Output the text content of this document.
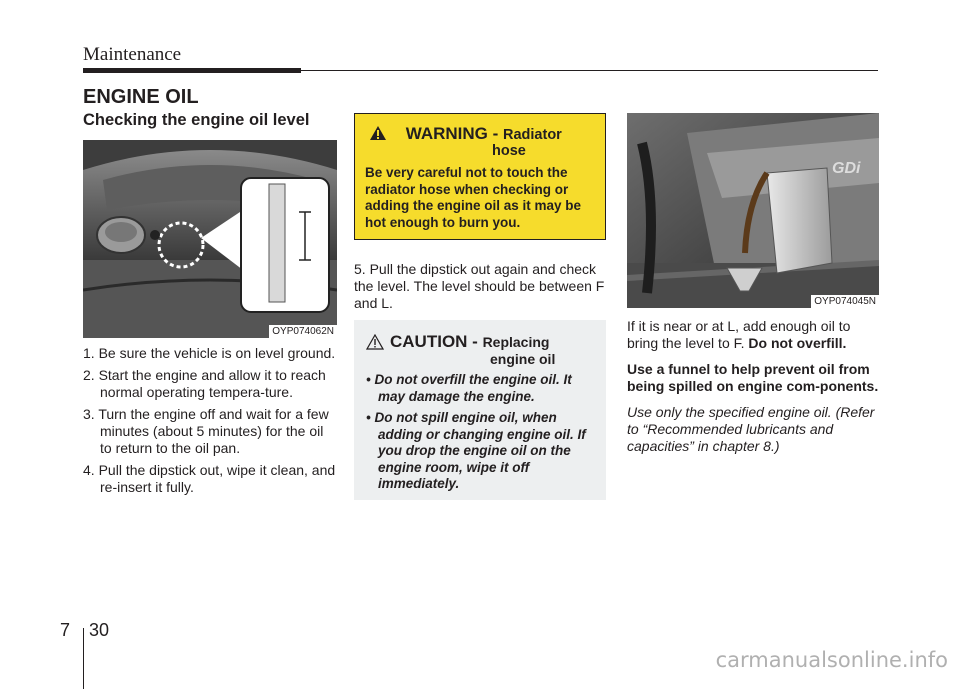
Maintenance
ENGINE OIL
Checking the engine oil level
OYP074062N
1. Be sure the vehicle is on level ground.
2. Start the engine and allow it to reach normal operating tempera-ture.
3. Turn the engine off and wait for a few minutes (about 5 minutes) for the oil to return to the oil pan.
4. Pull the dipstick out, wipe it clean, and re-insert it fully.
WARNING - Radiator
hose
Be very careful not to touch the radiator hose when checking or adding the engine oil as it may be hot enough to burn you.
5. Pull the dipstick out again and check the level. The level should be between F and L.
CAUTION - Replacing
engine oil
• Do not overfill the engine oil. It may damage the engine.
• Do not spill engine oil, when adding or changing engine oil. If you drop the engine oil on the engine room, wipe it off immediately.
GDi
OYP074045N

If it is near or at L, add enough oil to bring the level to F. Do not overfill.

Use a funnel to help prevent oil from being spilled on engine com-ponents.

Use only the specified engine oil. (Refer to “Recommended lubricants and capacities” in chapter 8.)

7 30
carmanualsonline.info
